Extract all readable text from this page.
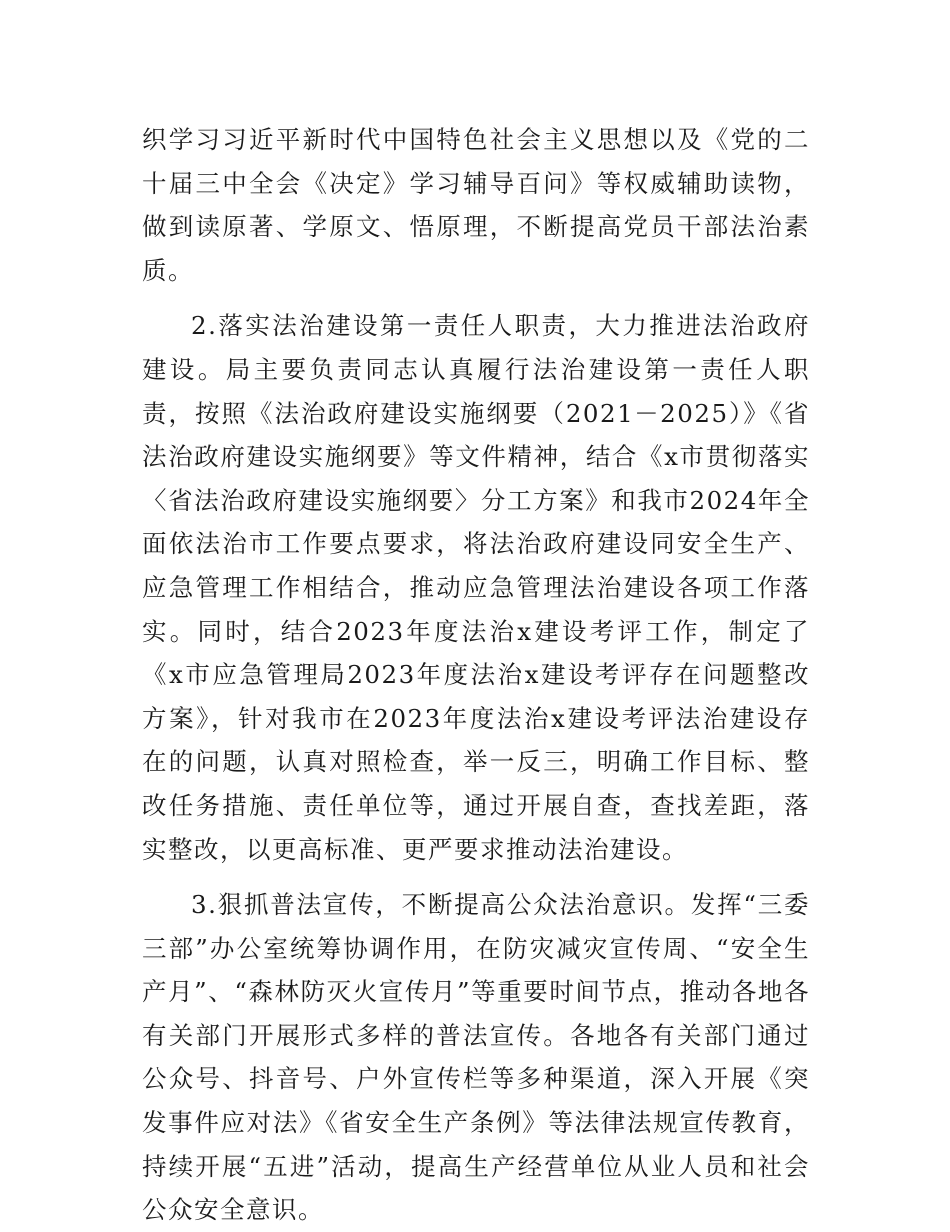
织学习习近平新时代中国特色社会主义思想以及《党的二十届三中全会《决定》学习辅导百问》等权威辅助读物，做到读原著、学原文、悟原理，不断提高党员干部法治素质。

2.落实法治建设第一责任人职责，大力推进法治政府建设。局主要负责同志认真履行法治建设第一责任人职责，按照《法治政府建设实施纲要（2021－2025）》《省法治政府建设实施纲要》等文件精神，结合《x市贯彻落实〈省法治政府建设实施纲要〉分工方案》和我市2024年全面依法治市工作要点要求，将法治政府建设同安全生产、应急管理工作相结合，推动应急管理法治建设各项工作落实。同时，结合2023年度法治x建设考评工作，制定了《x市应急管理局2023年度法治x建设考评存在问题整改方案》，针对我市在2023年度法治x建设考评法治建设存在的问题，认真对照检查，举一反三，明确工作目标、整改任务措施、责任单位等，通过开展自查，查找差距，落实整改，以更高标准、更严要求推动法治建设。

3.狠抓普法宣传，不断提高公众法治意识。发挥“三委三部”办公室统筹协调作用，在防灾减灾宣传周、“安全生产月”、“森林防灭火宣传月”等重要时间节点，推动各地各有关部门开展形式多样的普法宣传。各地各有关部门通过公众号、抖音号、户外宣传栏等多种渠道，深入开展《突发事件应对法》《省安全生产条例》等法律法规宣传教育，持续开展“五进”活动，提高生产经营单位从业人员和社会公众安全意识。
